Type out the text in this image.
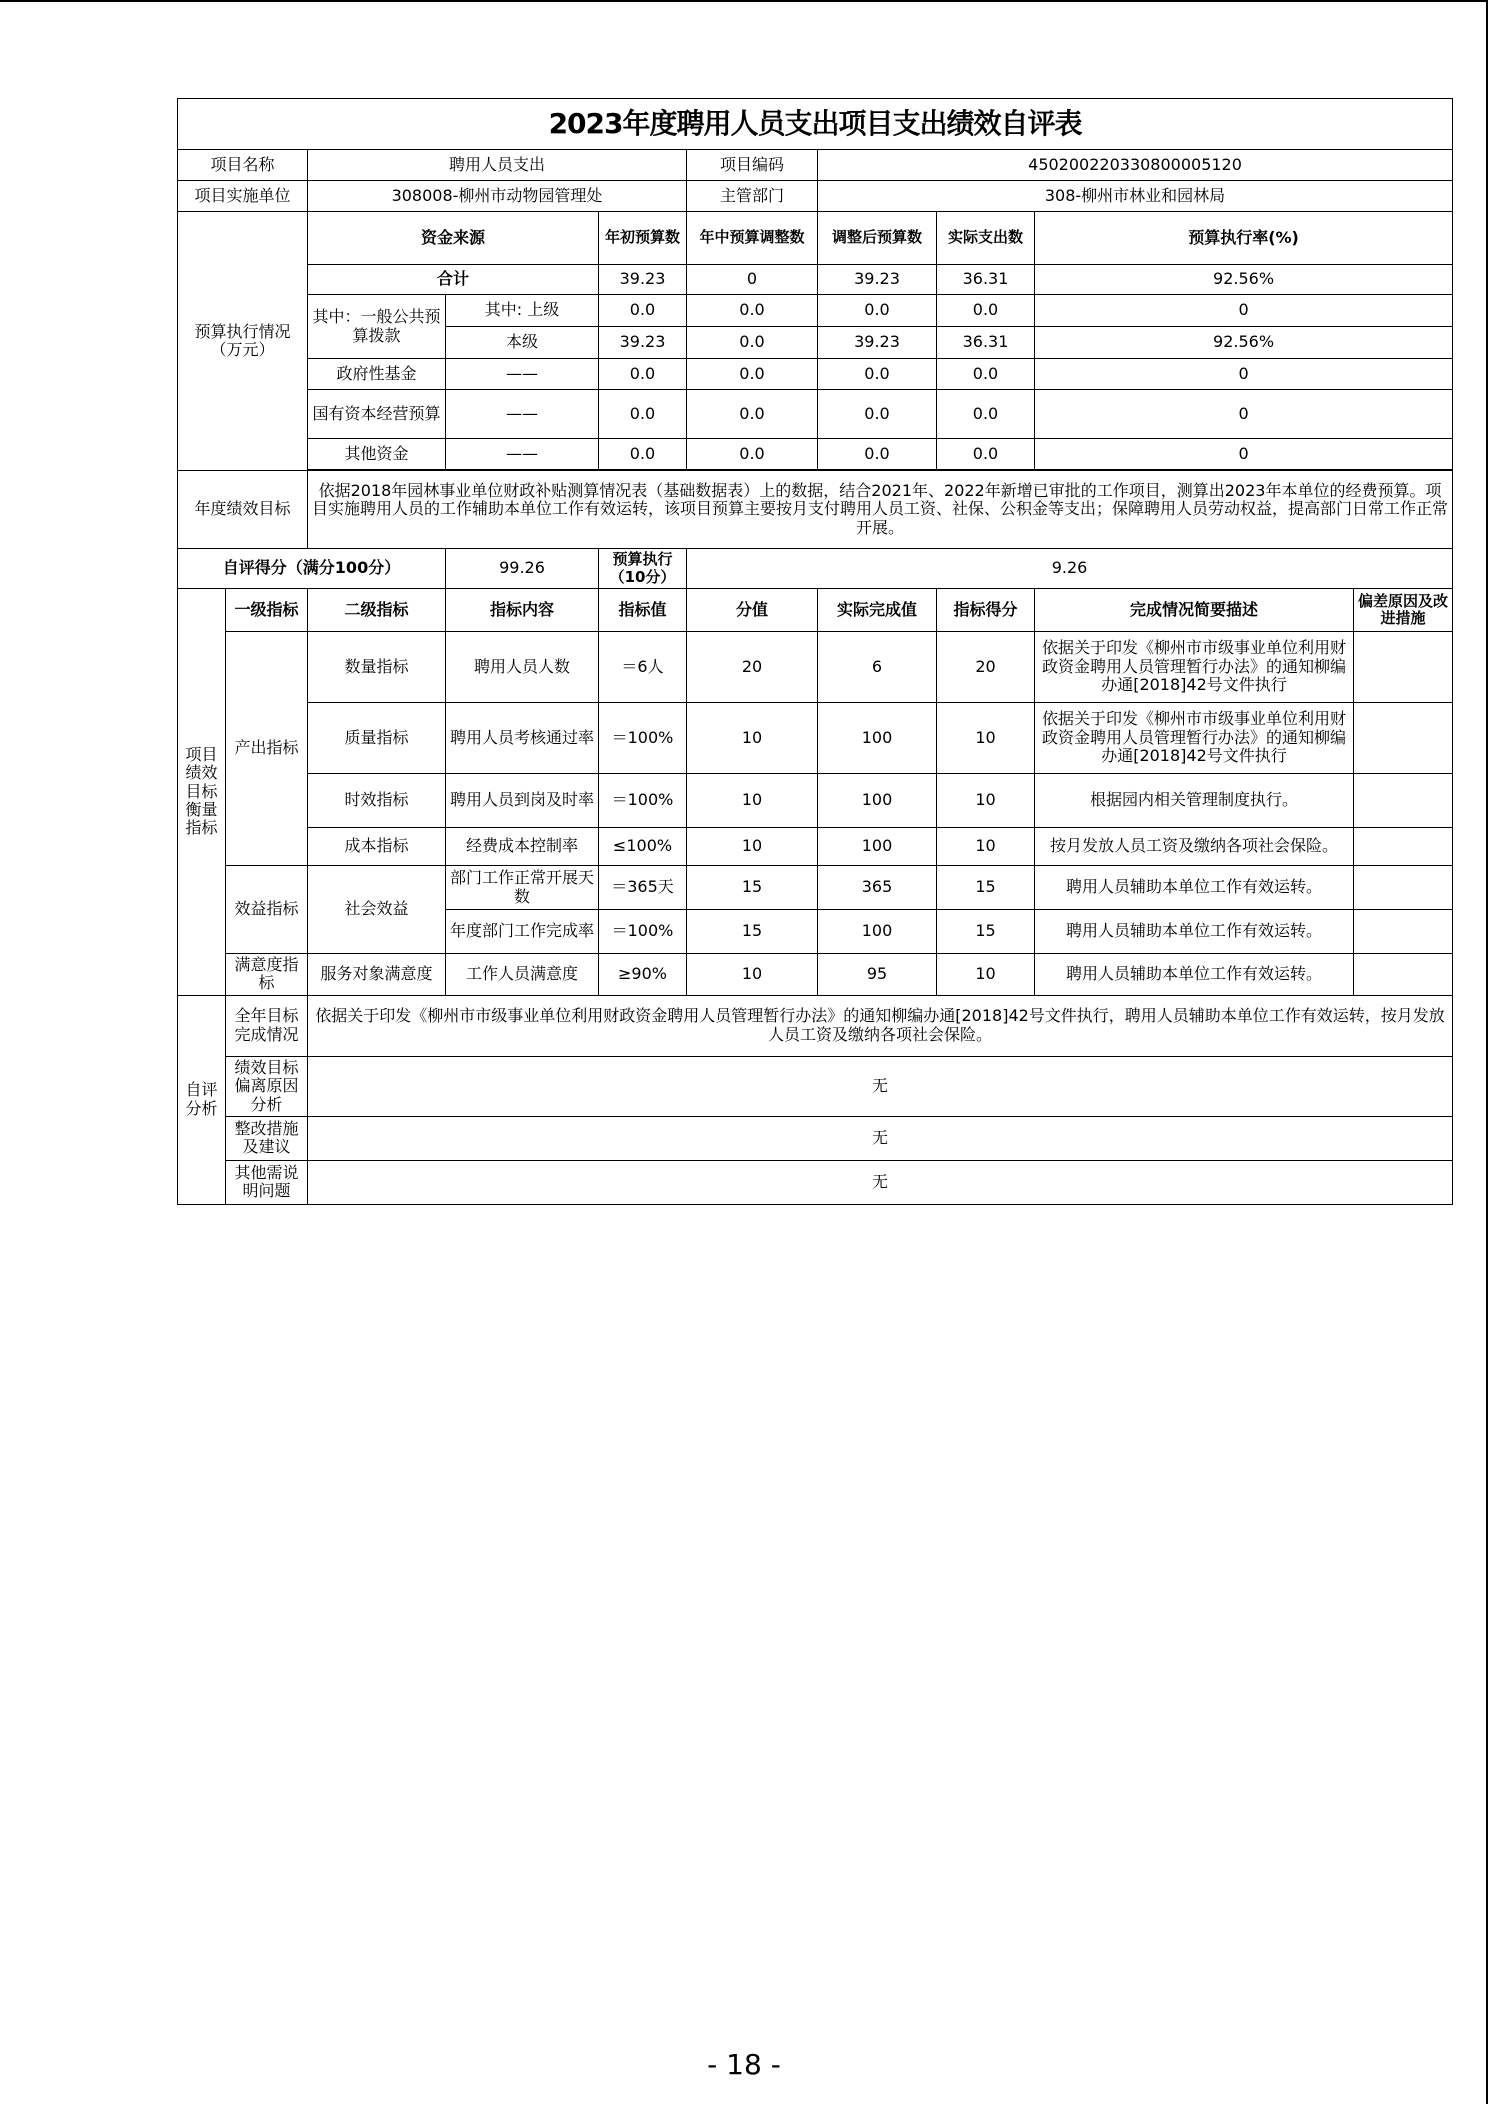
2023年度聘用人员支出项目支出绩效自评表									
项目名称		聘用人员支出			项目编码	450200220330800005120			
项目实施单位		308008-柳州市动物园管理处			主管部门	308-柳州市林业和园林局			
预算执行情况（万元）		资金来源		年初预算数	年中预算调整数	调整后预算数	实际支出数	预算执行率(%)	
		合计		39.23	0	39.23	36.31	92.56%	
		其中：一般公共预算拨款	其中: 上级	0.0	0.0	0.0	0.0	0	
			本级	39.23	0.0	39.23	36.31	92.56%	
		政府性基金	——	0.0	0.0	0.0	0.0	0	
		国有资本经营预算	——	0.0	0.0	0.0	0.0	0	
		其他资金	——	0.0	0.0	0.0	0.0	0	

年度绩效目标		依据2018年园林事业单位财政补贴测算情况表（基础数据表）上的数据，结合2021年、2022年新增已审批的工作项目，测算出2023年本单位的经费预算。项目实施聘用人员的工作辅助本单位工作有效运转，该项目预算主要按月支付聘用人员工资、社保、公积金等支出；保障聘用人员劳动权益，提高部门日常工作正常开展。							
自评得分（满分100分）			99.26	预算执行（10分）	9.26				
项目绩效目标衡量指标	一级指标	二级指标	指标内容	指标值	分值	实际完成值	指标得分	完成情况简要描述	偏差原因及改进措施
	产出指标	数量指标	聘用人员人数	＝6人	20	6	20	依据关于印发《柳州市市级事业单位利用财政资金聘用人员管理暂行办法》的通知柳编办通[2018]42号文件执行	
		质量指标	聘用人员考核通过率	＝100%	10	100	10	依据关于印发《柳州市市级事业单位利用财政资金聘用人员管理暂行办法》的通知柳编办通[2018]42号文件执行	
		时效指标	聘用人员到岗及时率	＝100%	10	100	10	根据园内相关管理制度执行。	
		成本指标	经费成本控制率	≤100%	10	100	10	按月发放人员工资及缴纳各项社会保险。	
	效益指标	社会效益	部门工作正常开展天数	＝365天	15	365	15	聘用人员辅助本单位工作有效运转。	
			年度部门工作完成率	＝100%	15	100	15	聘用人员辅助本单位工作有效运转。	
	满意度指标	服务对象满意度	工作人员满意度	≥90%	10	95	10	聘用人员辅助本单位工作有效运转。	
自评分析	全年目标完成情况	依据关于印发《柳州市市级事业单位利用财政资金聘用人员管理暂行办法》的通知柳编办通[2018]42号文件执行，聘用人员辅助本单位工作有效运转，按月发放人员工资及缴纳各项社会保险。							
	绩效目标偏离原因分析	无							
	整改措施及建议	无							
	其他需说明问题	无							
- 18 -
